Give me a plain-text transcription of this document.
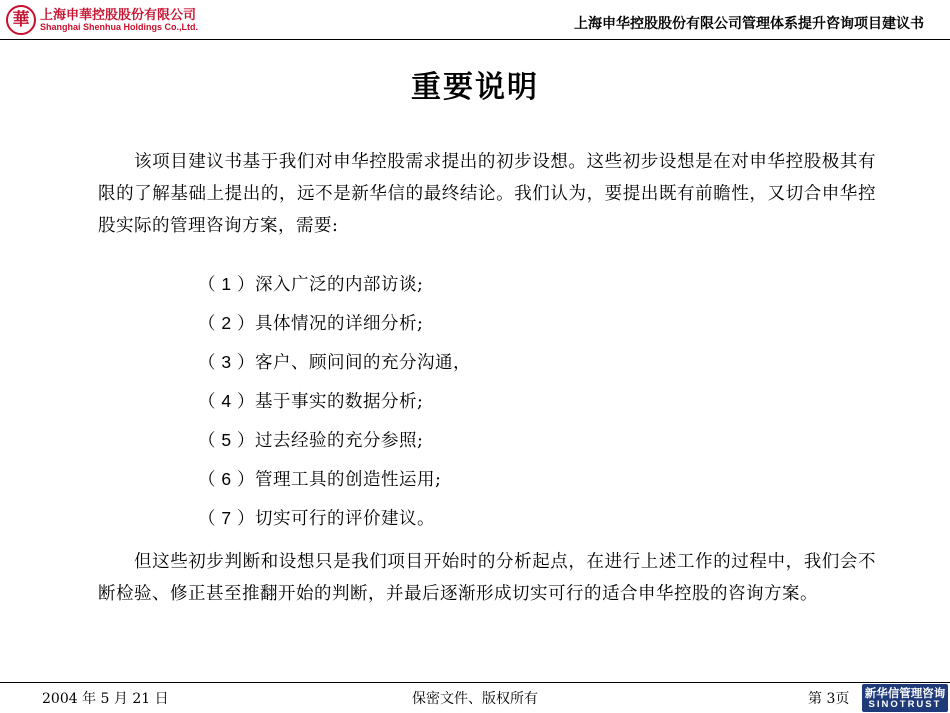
華 上海申華控股股份有限公司
Shanghai Shenhua Holdings Co.,Ltd.	上海申华控股股份有限公司管理体系提升咨询项目建议书
重要说明

该项目建议书基于我们对申华控股需求提出的初步设想。这些初步设想是在对申华控股极其有限的了解基础上提出的，远不是新华信的最终结论。我们认为，要提出既有前瞻性，又切合申华控股实际的管理咨询方案，需要:

（ 1 ）深入广泛的内部访谈;
（ 2 ）具体情况的详细分析;
（ 3 ）客户、顾问间的充分沟通，
（ 4 ）基于事实的数据分析;
（ 5 ）过去经验的充分参照;
（ 6 ）管理工具的创造性运用;
（ 7 ）切实可行的评价建议。

但这些初步判断和设想只是我们项目开始时的分析起点，在进行上述工作的过程中，我们会不断检验、修正甚至推翻开始的判断，并最后逐渐形成切实可行的适合申华控股的咨询方案。

2004 年 5 月 21 日	保密文件、版权所有	第 3页 新华信管理咨询
SINOTRUST
